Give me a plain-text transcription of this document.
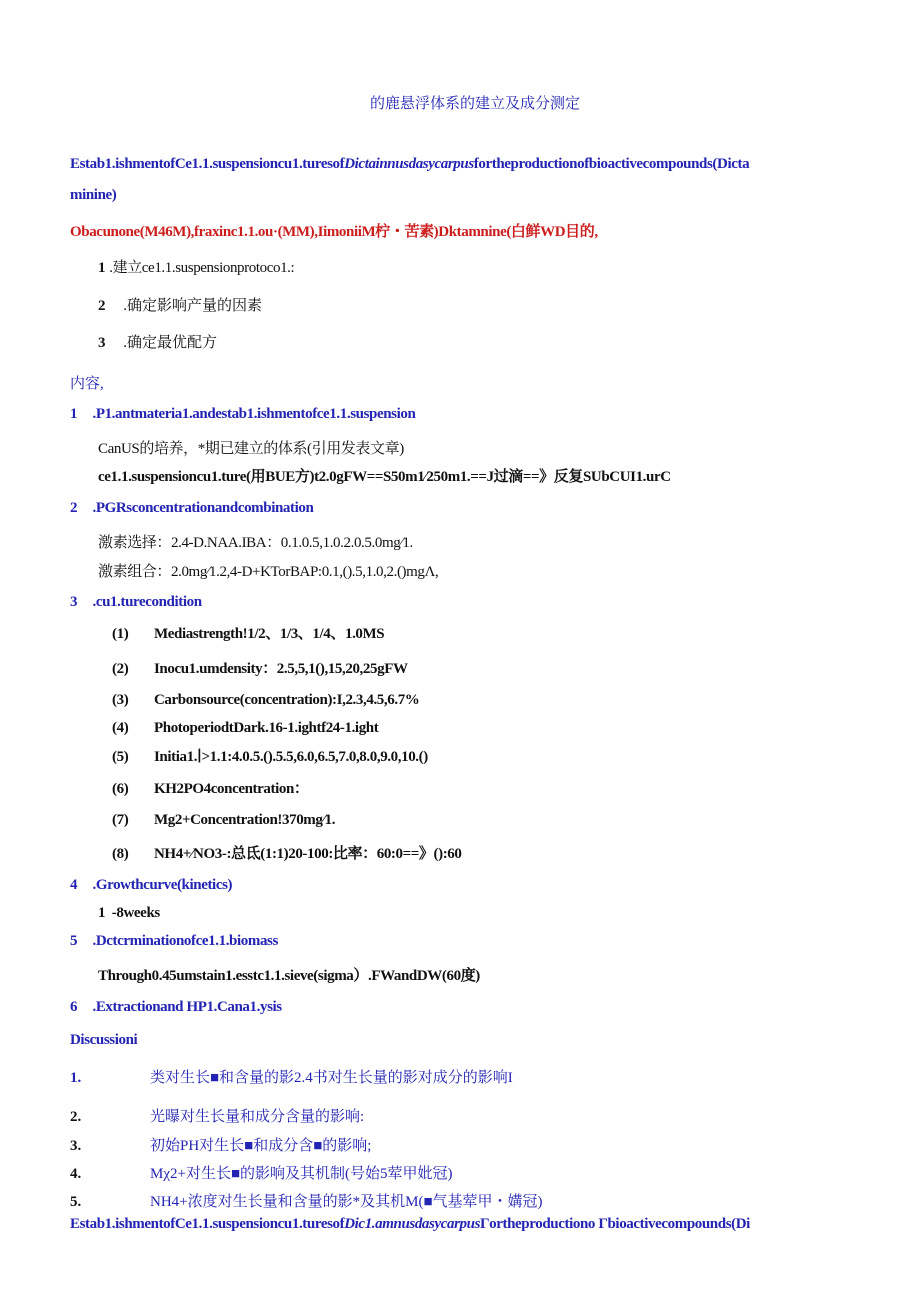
的鹿悬浮体系的建立及成分测定
Estab1.ishmentofCe1.1.suspensioncu1.turesofDictainnusdasycarpusfortheproductionofbioactivecompounds(Dicta
minine)
Obacunone(M46M),fraxinc1.1.ou·(MM),IimoniiM柠・苦素)Dktamnine(白鲜WD目的,
1 .建立ce1.1.suspensionprotoco1.:
2 .确定影响产量的因素
3 .确定最优配方
内容,
1 .P1.antmateria1.andestab1.ishmentofce1.1.suspension
CanUS的培养，*期已建立的体系(引用发表文章)
ce1.1.suspensioncu1.ture(用BUE方)t2.0gFW==S50m1∕250m1.==J过滴==》反复SUbCUI1.urC
2 .PGRsconcentrationandcombination
激素选择：2.4-D.NAA.IBA：0.1.0.5,1.0.2.0.5.0mg∕1.
激素组合：2.0mg∕1.2,4-D+KTorBAP:0.1,().5,1.0,2.()mgΛ,
3 .cu1.turecondition
(1) Mediastrength!1/2、1/3、1/4、1.0MS
(2) Inocu1.umdensity：2.5,5,1(),15,20,25gFW
(3) Carbonsource(concentration):I,2.3,4.5,6.7%
(4) PhotoperiodtDark.16-1.ightf24-1.ight
(5) Initia1.∣>1.1:4.0.5.().5.5,6.0,6.5,7.0,8.0,9.0,10.()
(6) KH2PO4concentration：
(7) Mg2+Concentration!370mg∕1.
(8) NH4+∕NO3-:总氐(1:1)20-100:比率：60:0==》():60
4 .Growthcurve(kinetics)
1  -8weeks
5 .Dctcrminationofce1.1.biomass
Through0.45umstain1.esstc1.1.sieve(sigma）.FWandDW(60度)
6 .Extractionand HP1.Cana1.ysis
Discussioni
1.	类对生长■和含量的影2.4书对生长量的影对成分的影响I
2.	光曝对生长量和成分含量的影响:
3.	初始PH对生长■和成分含■的影响;
4.	Mχ2+对生长■的影响及其机制(号始5荤甲妣冠)
5.	NH4+浓度对生长量和含量的影*及其机M(■气基荤甲・媾冠)
Estab1.ishmentofCe1.1.suspensioncu1.turesofDic1.amnusdasycarpusΓortheproductiono Γbioactivecompounds(Di
